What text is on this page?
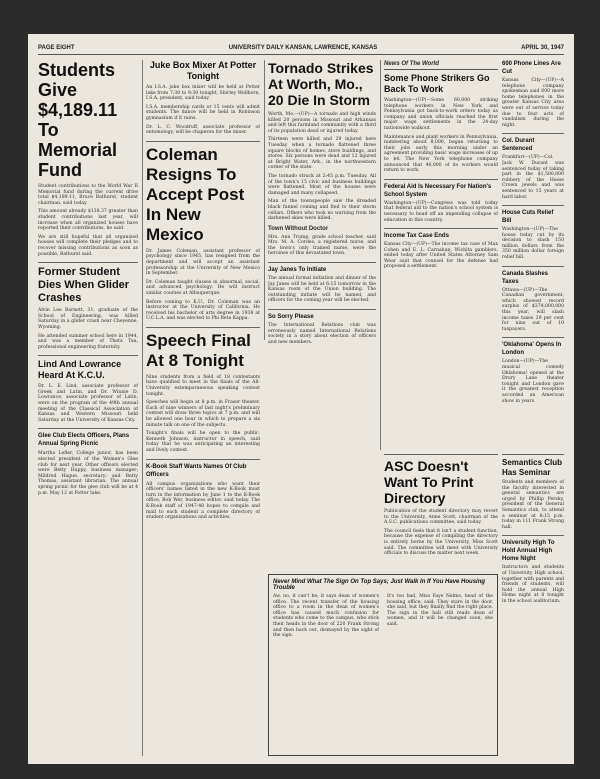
PAGE EIGHT	UNIVERSITY DAILY KANSAN, LAWRENCE, KANSAS	APRIL 30, 1947
Students Give $4,189.11 To Memorial Fund

Student contributions to the World War II Memorial fund during the current drive total $4,189.11, Bruce Bathurst, student chairman, said today.

This amount already $138.37 greater than student contributions last year, will increase when all organized houses have reported their contributions, he said.

We are still hopeful that all organized houses will complete their pledges and to recover missing contributions as soon as possible, Bathurst said.

Former Student Dies When Glider Crashes

Alvin Lee Barnett, 31, graduate of the School of Engineering, was killed Saturday in a glider crash near Cheyenne, Wyoming.

He attended summer school here in 1944, and was a member of Theta Tau, professional engineering fraternity.

Lind And Lowrance Heard At K.C.U.

Dr. L. E. Lind, associate professor of Greek and Latin, and Dr. Winnie D. Lowrance, associate professor of Latin, were on the program of the 49th annual meeting of the Classical Association of Kansas and Western Missouri held Saturday at the University of Kansas City.

Glee Club Elects Officers, Plans Annual Spring Picnic

Martha Lefler, College junior, has been elected president of the Women's Glee club for next year. Other officers elected were Betty Happy, business manager; Mildred Hague, secretary; and Betty Thomas, assistant librarian. The annual spring picnic for the glee club will be at 4 p.m. May 12 at Potter lake.

Juke Box Mixer At Potter Tonight

An I.S.A. juke box mixer will be held at Potter lake from 7:30 to 9:30 tonight, Shirley Wellborn, I.S.A. president, said today.

I.S.A. membership cards or 15 cents will admit students. The dance will be held in Robinson gymnasium if it rains.

Dr. L. C. Woodruff, associate professor of entomology, will be chaperon for the mixer.

Coleman Resigns To Accept Post In New Mexico

Dr. James Coleman, assistant professor of psychology since 1945, has resigned from the department and will accept an assistant professorship at the University of New Mexico in September.

Dr. Coleman taught classes in abnormal, social, and advanced psychology. He will instruct similar courses at Albuquerque.

Before coming to K.U., Dr. Coleman was an instructor at the University of California. He received his bachelor of arts degree in 1938 at U.C.L.A. and was elected to Phi Beta Kappa.

Speech Final At 8 Tonight

Nine students from a field of 18 contestants have qualified to meet in the finals of the All-University extemporaneous speaking contest tonight.

Speeches will begin at 8 p.m. in Fraser theater. Each of nine winners of last night's preliminary contest will draw three topics at 7 p.m. and will be allowed one hour in which to prepare a six minute talk on one of the subjects.

Tonight's finals will be open to the public. Kenneth Johnson, instructor in speech, said today that he was anticipating an interesting and lively contest.

K-Book Staff Wants Names Of Club Officers

All campus organizations who want their officers' names listed in the new K-Book must turn in the information by June 1 to the K-Book office, Bob Wer, business editor, said today. The K-Book staff of 1947-48 hopes to compile and mail to each student a complete directory of student organizations and activities.

Tornado Strikes At Worth, Mo., 20 Die In Storm

Worth, Mo.—(UP)—A tornado and high winds killed 20 persons in Missouri and Arkansas and left this farmland community with a third of its population dead or injured today.

Thirteen were killed and 29 injured here Tuesday when a tornado flattened three square blocks of homes, store buildings, and stores. Six persons were dead and 12 injured at Bright Water, Ark., in the northwestern corner of the state.

The tornado struck at 2:45 p.m. Tuesday. All of the town's 15 civic and business buildings were flattened. Most of the houses were damaged and many collapsed.

Man of the townspeople saw the dreaded black funnel coming and fled to their storm cellars. Others who took no warning from the darkened skies were killed.

Town Without Doctor

Mrs. Ann Trump, grade school teacher, said Mrs. M. A. Cordes, a registered nurse, and the town's only trained nurse, were the heroines of this devastated town.

Jay Janes To Initiate

The annual formal initiation and dinner of the Jay Janes will be held at 6:15 tomorrow in the Kansas room of the Union building. The outstanding initiate will be named, and officers for the coming year will be elected.

So Sorry Please

The International Relations club was erroneously named International Relations society in a story about election of officers and new members.

News Of The World
Some Phone Strikers Go Back To Work

Washington—(UP)—Some 60,000 striking telephone workers in New York and Pennsylvania got back-to-work orders today as company and union officials reached the first major wage settlements in the 24-day nationwide walkout.

Maintenance and plant workers in Pennsylvania, numbering about 8,000, began returning to their jobs early this morning under an agreement providing basic wage increases of up to $4. The New York telephone company announced that 40,000 of its workers would return to work.

Federal Aid Is Necessary For Nation's School System

Washington—(UP)—Congress was told today that federal aid to the nation's school system is necessary to head off an impending collapse of education in this country.

Income Tax Case Ends

Kansas City—(UP)—The income tax case of Max Cohen and E. L. Carnahan, Wichita gamblers, ended today after United States Attorney Sam Wear said that counsel for the defense had proposed a settlement.

600 Phone Lines Are Cut

Kansas City—(UP)—A telephone company spokesman said 600 more home telephones in the greater Kansas City area were out of service today due to four acts of vandalism during the night.

Col. Durant Sentenced

Frankfurt—(UP)—Col. Jack W. Durant was sentenced today of taking part in the $1,500,000 robbery of the Hesse Crown jewels and was sentenced to 15 years at hard labor.

House Cuts Relief Bill

Washington—(UP)—The house today cut by its decision to slash 150 million dollars from the 350 million dollar foreign relief bill.

Canada Slashes Taxes

Ottawa—(UP)—The Canadian government, which showed record surplus of $374,000,000 this year, will slash income taxes 29 per cent for nine out of 10 taxpayers.

'Oklahoma' Opens In London

London—(UP)—The musical comedy Oklahoma! opened at the Drury Lane theater tonight and London gave it the greatest reception accorded an American show in years.

ASC Doesn't Want To Print Directory

Publication of the student directory may revert to the University, Anne Scott, chairman of the A.S.C. publications committee, said today.

The council feels that it isn't a student function, because the expense of compiling the directory is entirely borne by the University, Miss Scott said. The committee will meet with University officials to discuss the matter next week.

Semantics Club Has Seminar

Students and members of the faculty interested in general semantics are urged by Phillip Persky, president of the General Semantics club, to attend a seminar at 8:15 p.m. today in 111 Frank Strong hall.

University High To Hold Annual High Home Night

Instructors and students of University High school, together with parents and friends of students, will hold the annual High Home night at 8 tonight in the school auditorium.

Never Mind What The Sign On Top Says; Just Walk In If You Have Housing Trouble

Aw, no, it can't be; it says dean of women's office. The recent transfer of the housing office to a room in the dean of women's office has caused much confusion for students who come to the campus, who stick their heads in the door of 220 Frank Strong and then back out, dismayed by the sight of the sign.

It's too bad, Miss Faye Nelms, head of the housing office, said. They stare in the door, she said, but they finally find the right place. The sign in the hall still reads dean of women, and it will be changed soon, she said.
